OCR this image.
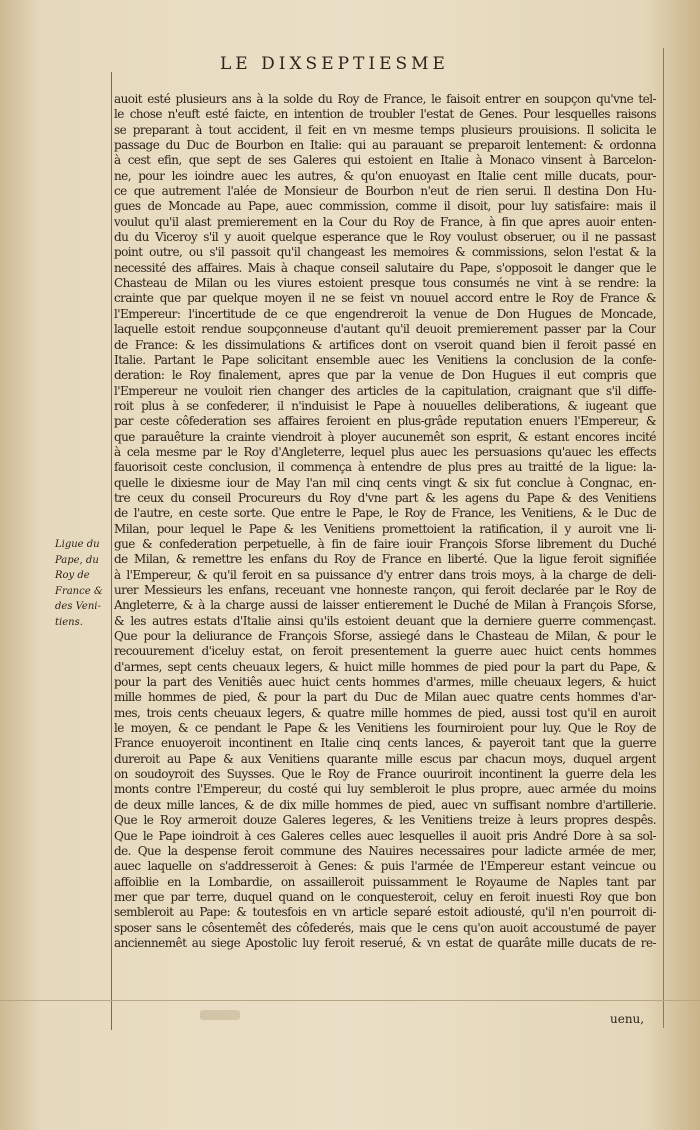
LE DIXSEPTIESME
Ligue du
Pape, du
Roy de
France &
des Veni-
tiens.
auoit esté plusieurs ans à la solde du Roy de France, le faisoit entrer en soupçon qu'vne tel-
le chose n'euft esté faicte, en intention de troubler l'estat de Genes. Pour lesquelles raisons
se preparant à tout accident, il feit en vn mesme temps plusieurs prouisions. Il solicita le
passage du Duc de Bourbon en Italie: qui au parauant se preparoit lentement: & ordonna
à cest efin, que sept de ses Galeres qui estoient en Italie à Monaco vinsent à Barcelon-
ne, pour les ioindre auec les autres, & qu'on enuoyast en Italie cent mille ducats, pour-
ce que autrement l'alée de Monsieur de Bourbon n'eut de rien serui. Il destina Don Hu-
gues de Moncade au Pape, auec commission, comme il disoit, pour luy satisfaire: mais il
voulut qu'il alast premierement en la Cour du Roy de France, à fin que apres auoir enten-
du du Viceroy s'il y auoit quelque esperance que le Roy voulust obseruer, ou il ne passast
point outre, ou s'il passoit qu'il changeast les memoires & commissions, selon l'estat & la
necessité des affaires. Mais à chaque conseil salutaire du Pape, s'opposoit le danger que le
Chasteau de Milan ou les viures estoient presque tous consumés ne vint à se rendre: la
crainte que par quelque moyen il ne se feist vn nouuel accord entre le Roy de France &
l'Empereur: l'incertitude de ce que engendreroit la venue de Don Hugues de Moncade,
laquelle estoit rendue soupçonneuse d'autant qu'il deuoit premierement passer par la Cour
de France: & les dissimulations & artifices dont on vseroit quand bien il feroit passé en
Italie. Partant le Pape solicitant ensemble auec les Venitiens la conclusion de la confe-
deration: le Roy finalement, apres que par la venue de Don Hugues il eut compris que
l'Empereur ne vouloit rien changer des articles de la capitulation, craignant que s'il diffe-
roit plus à se confederer, il n'induisist le Pape à nouuelles deliberations, & iugeant que
par ceste côfederation ses affaires feroient en plus-grâde reputation enuers l'Empereur, &
que parauêture la crainte viendroit à ployer aucunemêt son esprit, & estant encores incité
à cela mesme par le Roy d'Angleterre, lequel plus auec les persuasions qu'auec les effects
fauorisoit ceste conclusion, il commença à entendre de plus pres au traitté de la ligue: la-
quelle le dixiesme iour de May l'an mil cinq cents vingt & six fut conclue à Congnac, en-
tre ceux du conseil Procureurs du Roy d'vne part & les agens du Pape & des Venitiens
de l'autre, en ceste sorte. Que entre le Pape, le Roy de France, les Venitiens, & le Duc de
Milan, pour lequel le Pape & les Venitiens promettoient la ratification, il y auroit vne li-
gue & confederation perpetuelle, à fin de faire iouir François Sforse librement du Duché
de Milan, & remettre les enfans du Roy de France en liberté. Que la ligue feroit signifiée
à l'Empereur, & qu'il feroit en sa puissance d'y entrer dans trois moys, à la charge de deli-
urer Messieurs les enfans, receuant vne honneste rançon, qui feroit declarée par le Roy de
Angleterre, & à la charge aussi de laisser entierement le Duché de Milan à François Sforse,
& les autres estats d'Italie ainsi qu'ils estoient deuant que la derniere guerre commençast.
Que pour la deliurance de François Sforse, assiegé dans le Chasteau de Milan, & pour le
recouurement d'iceluy estat, on feroit presentement la guerre auec huict cents hommes
d'armes, sept cents cheuaux legers, & huict mille hommes de pied pour la part du Pape, &
pour la part des Venitiês auec huict cents hommes d'armes, mille cheuaux legers, & huict
mille hommes de pied, & pour la part du Duc de Milan auec quatre cents hommes d'ar-
mes, trois cents cheuaux legers, & quatre mille hommes de pied, aussi tost qu'il en auroit
le moyen, & ce pendant le Pape & les Venitiens les fourniroient pour luy. Que le Roy de
France enuoyeroit incontinent en Italie cinq cents lances, & payeroit tant que la guerre
dureroit au Pape & aux Venitiens quarante mille escus par chacun moys, duquel argent
on soudoyroit des Suysses. Que le Roy de France ouuriroit incontinent la guerre dela les
monts contre l'Empereur, du costé qui luy sembleroit le plus propre, auec armée du moins
de deux mille lances, & de dix mille hommes de pied, auec vn suffisant nombre d'artillerie.
Que le Roy armeroit douze Galeres legeres, & les Venitiens treize à leurs propres despês.
Que le Pape ioindroit à ces Galeres celles auec lesquelles il auoit pris André Dore à sa sol-
de. Que la despense feroit commune des Nauires necessaires pour ladicte armée de mer,
auec laquelle on s'addresseroit à Genes: & puis l'armée de l'Empereur estant veincue ou
affoiblie en la Lombardie, on assailleroit puissamment le Royaume de Naples tant par
mer que par terre, duquel quand on le conquesteroit, celuy en feroit inuesti Roy que bon
sembleroit au Pape: & toutesfois en vn article separé estoit adiousté, qu'il n'en pourroit di-
sposer sans le côsentemêt des côfederés, mais que le cens qu'on auoit accoustumé de payer
anciennemêt au siege Apostolic luy feroit reserué, & vn estat de quarâte mille ducats de re-
uenu,
